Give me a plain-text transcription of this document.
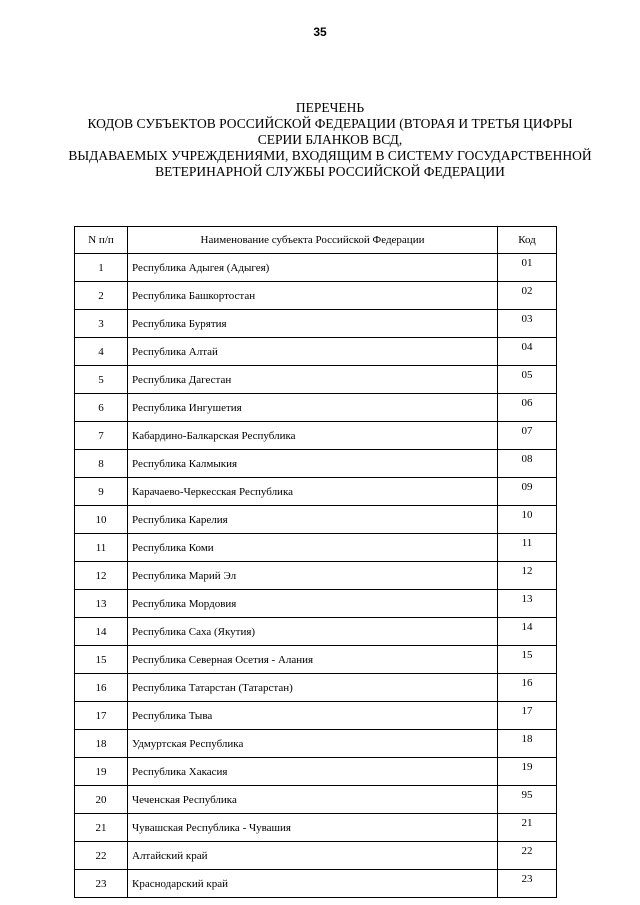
35
ПЕРЕЧЕНЬ
КОДОВ СУБЪЕКТОВ РОССИЙСКОЙ ФЕДЕРАЦИИ (ВТОРАЯ И ТРЕТЬЯ ЦИФРЫ
СЕРИИ БЛАНКОВ ВСД,
ВЫДАВАЕМЫХ УЧРЕЖДЕНИЯМИ, ВХОДЯЩИМ В СИСТЕМУ ГОСУДАРСТВЕННОЙ
ВЕТЕРИНАРНОЙ СЛУЖБЫ РОССИЙСКОЙ ФЕДЕРАЦИИ
N п/п	Наименование субъекта Российской Федерации	Код
1	Республика Адыгея (Адыгея)	01
2	Республика Башкортостан	02
3	Республика Бурятия	03
4	Республика Алтай	04
5	Республика Дагестан	05
6	Республика Ингушетия	06
7	Кабардино-Балкарская Республика	07
8	Республика Калмыкия	08
9	Карачаево-Черкесская Республика	09
10	Республика Карелия	10
11	Республика Коми	11
12	Республика Марий Эл	12
13	Республика Мордовия	13
14	Республика Саха (Якутия)	14
15	Республика Северная Осетия - Алания	15
16	Республика Татарстан (Татарстан)	16
17	Республика Тыва	17
18	Удмуртская Республика	18
19	Республика Хакасия	19
20	Чеченская Республика	95
21	Чувашская Республика - Чувашия	21
22	Алтайский край	22
23	Краснодарский край	23
